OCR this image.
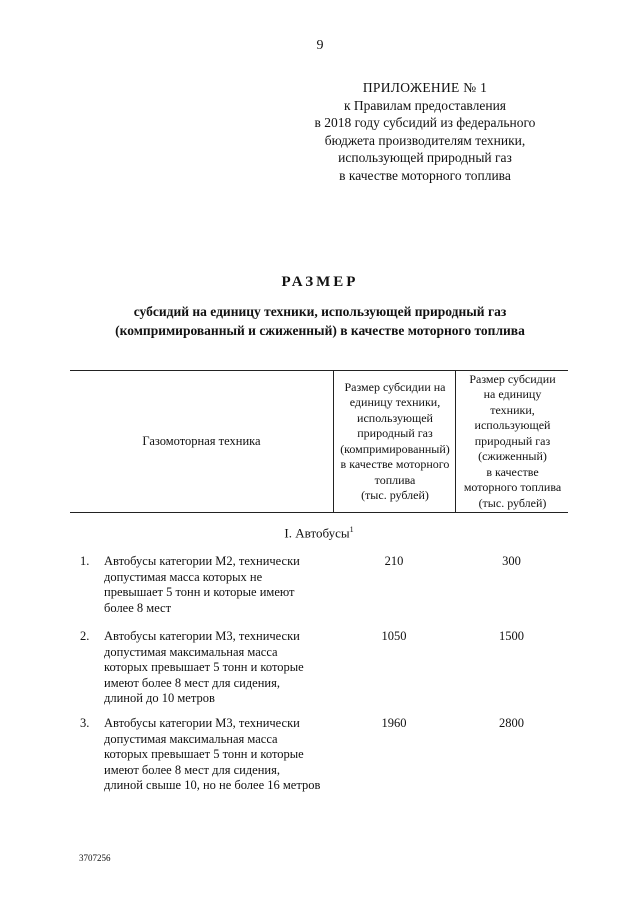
9
ПРИЛОЖЕНИЕ № 1
к Правилам предоставления
в 2018 году субсидий из федерального
бюджета производителям техники,
использующей природный газ
в качестве моторного топлива
РАЗМЕР
субсидий на единицу техники, использующей природный газ
(компримированный и сжиженный) в качестве моторного топлива
Газомоторная техника
Размер субсидии на
единицу техники,
использующей
природный газ
(компримированный)
в качестве моторного
топлива
(тыс. рублей)
Размер субсидии
на единицу
техники,
использующей
природный газ
(сжиженный)
в качестве
моторного топлива
(тыс. рублей)
I. Автобусы$^1$
1.	Автобусы категории М2, технически
допустимая масса которых не
превышает 5 тонн и которые имеют
более 8 мест
210	300
2.	Автобусы категории М3, технически
допустимая максимальная масса
которых превышает 5 тонн и которые
имеют более 8 мест для сидения,
длиной до 10 метров
1050	1500
3.	Автобусы категории М3, технически
допустимая максимальная масса
которых превышает 5 тонн и которые
имеют более 8 мест для сидения,
длиной свыше 10, но не более 16 метров
1960	2800
3707256
